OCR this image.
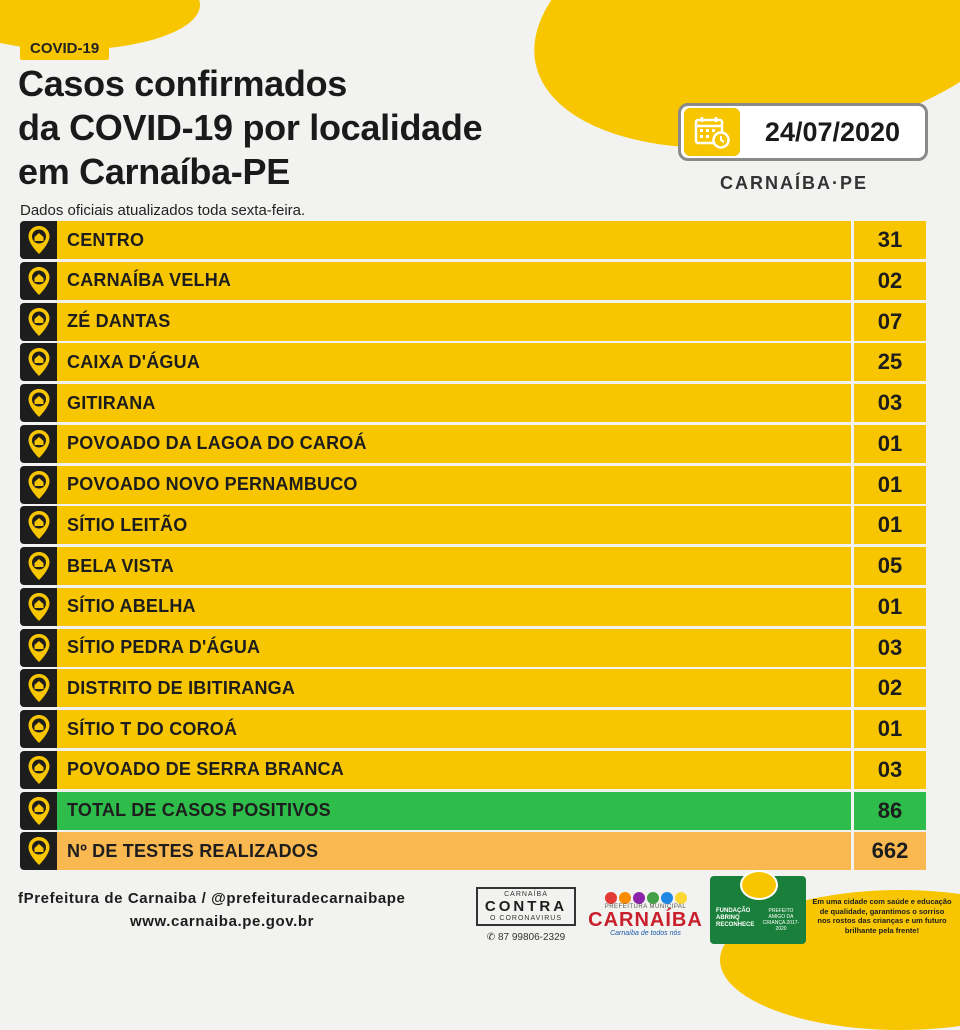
COVID-19
Casos confirmados
da COVID-19 por localidade
em Carnaíba-PE
Dados oficiais atualizados toda sexta-feira.
24/07/2020
CARNAÍBA·PE
CENTRO	31
CARNAÍBA VELHA	02
ZÉ DANTAS	07
CAIXA D'ÁGUA	25
GITIRANA	03
POVOADO DA LAGOA DO CAROÁ	01
POVOADO NOVO PERNAMBUCO	01
SÍTIO LEITÃO	01
BELA VISTA	05
SÍTIO ABELHA	01
SÍTIO PEDRA D'ÁGUA	03
DISTRITO DE IBITIRANGA	02
SÍTIO T DO COROÁ	01
POVOADO DE SERRA BRANCA	03
TOTAL DE CASOS POSITIVOS	86
Nº DE TESTES REALIZADOS	662
fPrefeitura de Carnaiba / @prefeituradecarnaibape
www.carnaiba.pe.gov.br
CARNAÍBA
CONTRA
O CORONAVIRUS
✆ 87 99806-2329
PREFEITURA MUNICIPAL
CARNAÍBA
Carnaíba de todos nós
FUNDAÇÃO ABRINQ RECONHECE
PREFEITO AMIGO DA CRIANÇA 2017-2020
Em uma cidade com saúde e educação de qualidade, garantimos o sorriso nos rostos das crianças e um futuro brilhante pela frente!
